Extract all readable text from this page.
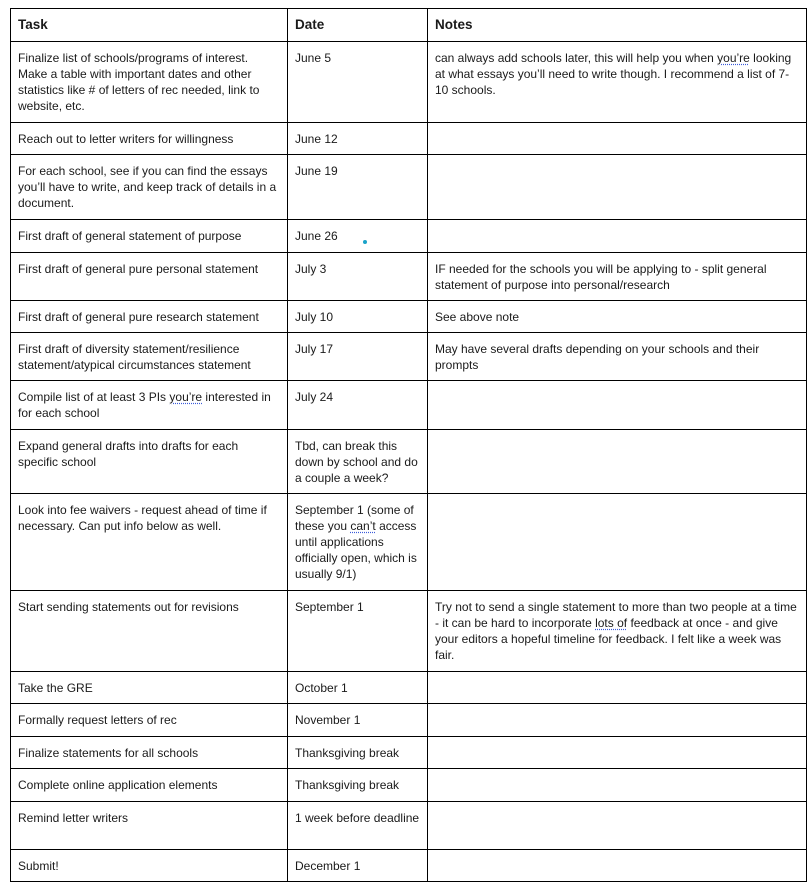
Task	Date	Notes
Finalize list of schools/programs of interest. Make a table with important dates and other statistics like # of letters of rec needed, link to website, etc.	June 5	can always add schools later, this will help you when you’re looking at what essays you’ll need to write though. I recommend a list of 7-10 schools.
Reach out to letter writers for willingness	June 12	
For each school, see if you can find the essays you’ll have to write, and keep track of details in a document.	June 19	
First draft of general statement of purpose	June 26	
First draft of general pure personal statement	July 3	IF needed for the schools you will be applying to - split general statement of purpose into personal/research
First draft of general pure research statement	July 10	See above note
First draft of diversity statement/resilience statement/atypical circumstances statement	July 17	May have several drafts depending on your schools and their prompts
Compile list of at least 3 PIs you’re interested in for each school	July 24	
Expand general drafts into drafts for each specific school	Tbd, can break this down by school and do a couple a week?	
Look into fee waivers - request ahead of time if necessary. Can put info below as well.	September 1 (some of these you can’t access until applications officially open, which is usually 9/1)	
Start sending statements out for revisions	September 1	Try not to send a single statement to more than two people at a time - it can be hard to incorporate lots of feedback at once - and give your editors a hopeful timeline for feedback. I felt like a week was fair.
Take the GRE	October 1	
Formally request letters of rec	November 1	
Finalize statements for all schools	Thanksgiving break	
Complete online application elements	Thanksgiving break	
Remind letter writers	1 week before deadline	
Submit!	December 1	
